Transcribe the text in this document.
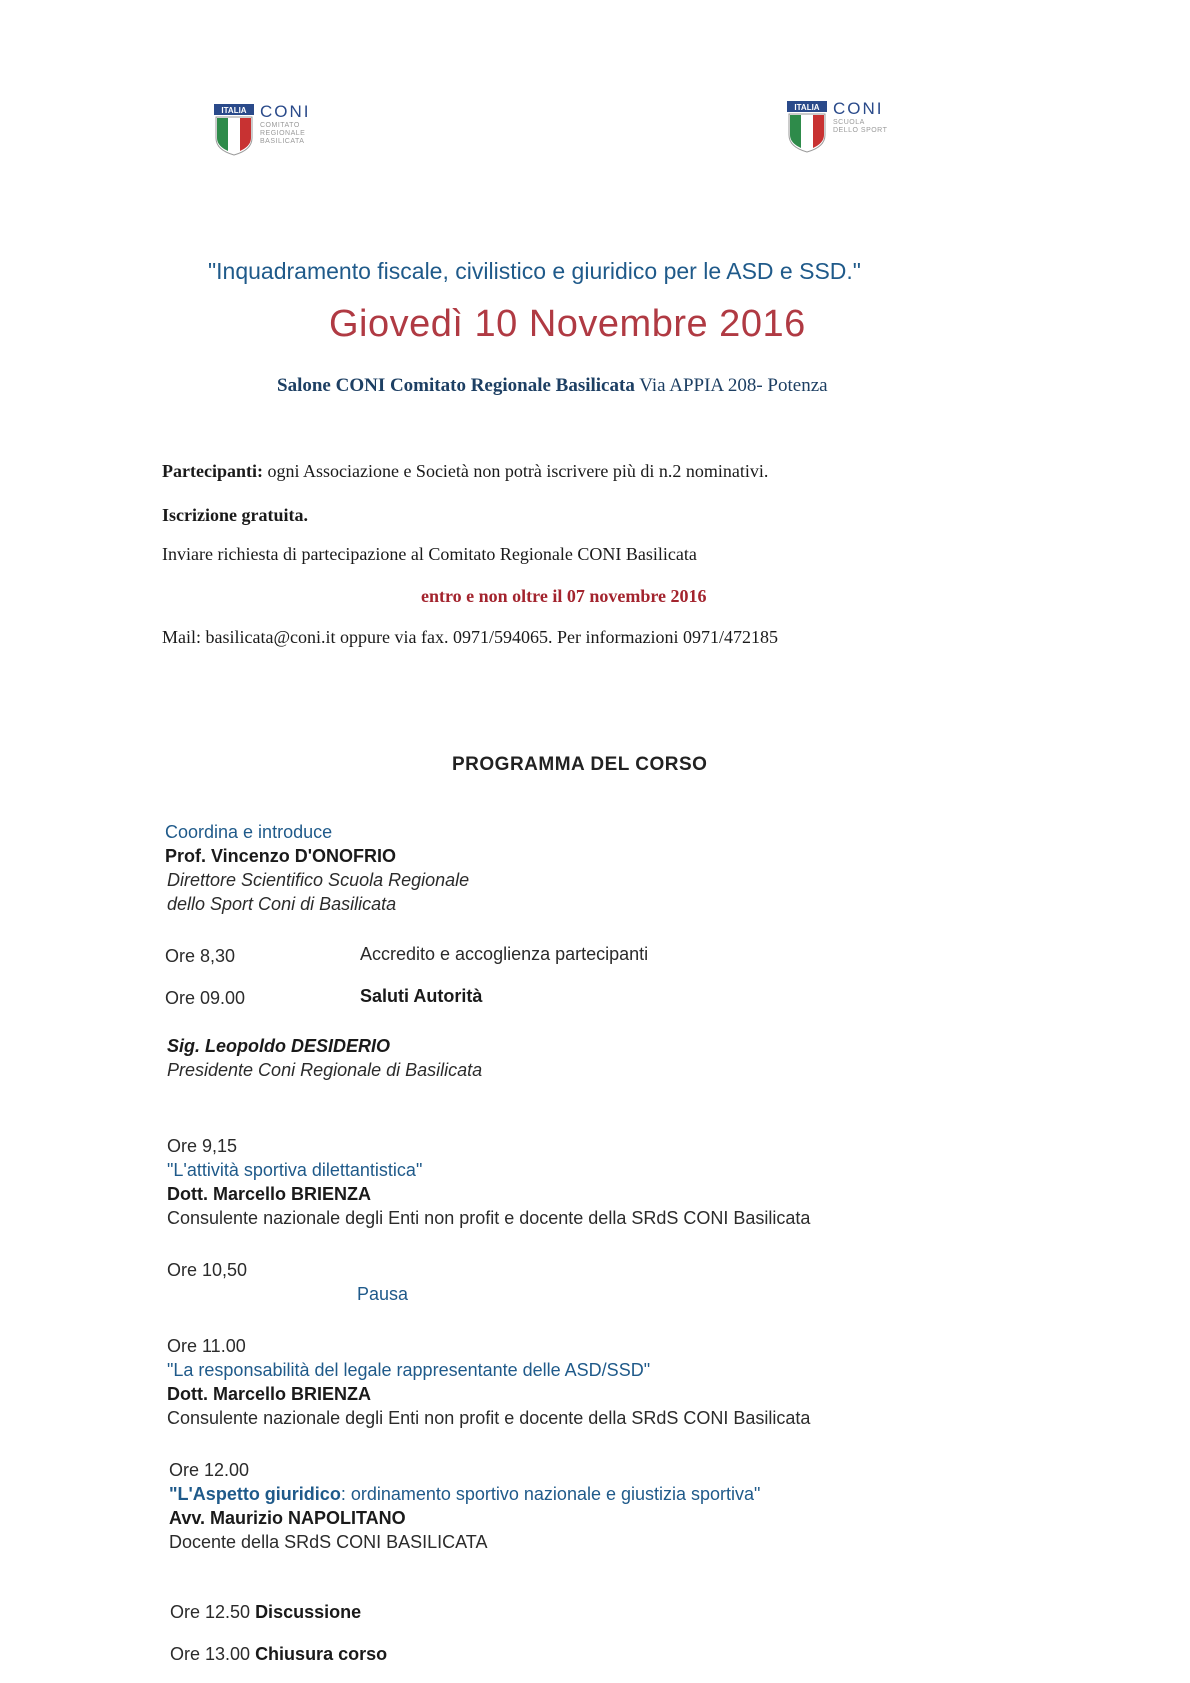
ITALIA CONI
COMITATO
REGIONALE
BASILICATA
ITALIA CONI
SCUOLA
DELLO SPORT
"Inquadramento fiscale, civilistico e giuridico per le ASD e SSD."
Giovedì 10 Novembre 2016
Salone CONI Comitato Regionale Basilicata Via APPIA 208- Potenza
Partecipanti: ogni Associazione e Società non potrà iscrivere più di n.2 nominativi.
Iscrizione gratuita.
Inviare richiesta di partecipazione al Comitato Regionale CONI Basilicata
entro e non oltre il 07 novembre 2016
Mail: basilicata@coni.it oppure via fax. 0971/594065. Per informazioni 0971/472185
PROGRAMMA DEL CORSO
Coordina e introduce
Prof. Vincenzo D'ONOFRIO
Direttore Scientifico Scuola Regionale
dello Sport Coni di Basilicata
Ore 8,30	Accredito e accoglienza partecipanti
Ore 09.00	Saluti Autorità
Sig. Leopoldo DESIDERIO
Presidente Coni Regionale di Basilicata
Ore 9,15
"L'attività sportiva dilettantistica"
Dott. Marcello BRIENZA
Consulente nazionale degli Enti non profit e docente della SRdS CONI Basilicata
Ore 10,50
Pausa
Ore 11.00
"La responsabilità del legale rappresentante delle ASD/SSD"
Dott. Marcello BRIENZA
Consulente nazionale degli Enti non profit e docente della SRdS CONI Basilicata
Ore 12.00
"L'Aspetto giuridico: ordinamento sportivo nazionale e giustizia sportiva"
Avv. Maurizio NAPOLITANO
Docente della SRdS CONI BASILICATA
Ore 12.50 Discussione
Ore 13.00 Chiusura corso
